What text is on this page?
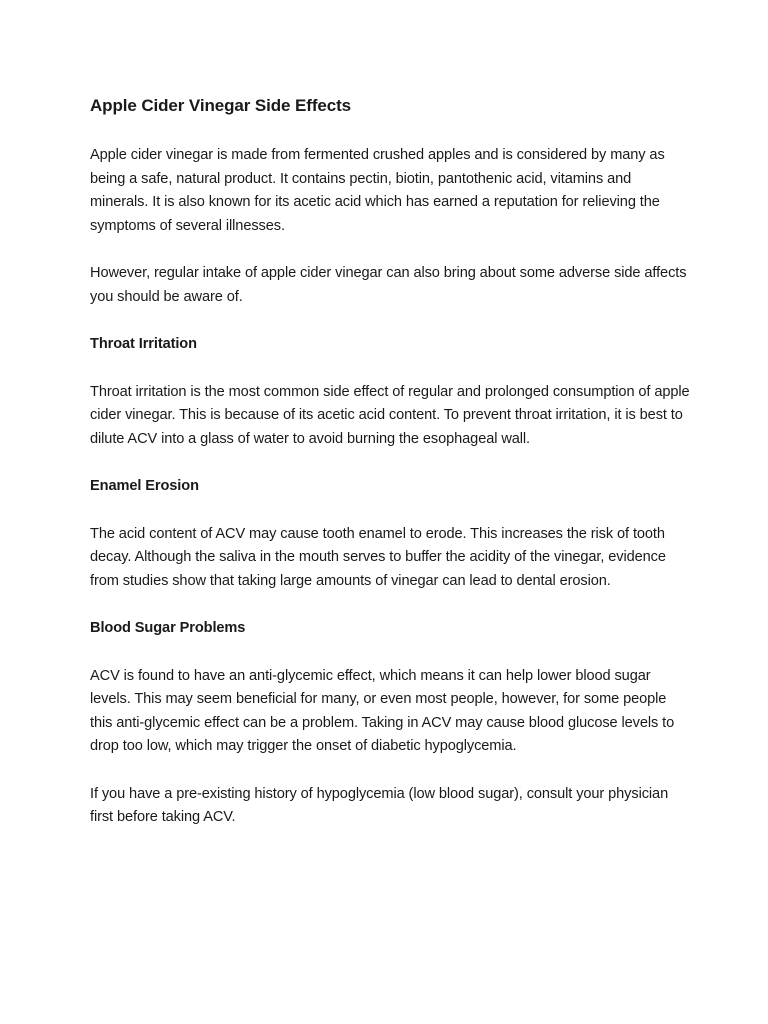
Apple Cider Vinegar Side Effects

Apple cider vinegar is made from fermented crushed apples and is considered by many as being a safe, natural product. It contains pectin, biotin, pantothenic acid, vitamins and minerals. It is also known for its acetic acid which has earned a reputation for relieving the symptoms of several illnesses.

However, regular intake of apple cider vinegar can also bring about some adverse side affects you should be aware of.

Throat Irritation

Throat irritation is the most common side effect of regular and prolonged consumption of apple cider vinegar. This is because of its acetic acid content. To prevent throat irritation, it is best to dilute ACV into a glass of water to avoid burning the esophageal wall.

Enamel Erosion

The acid content of ACV may cause tooth enamel to erode. This increases the risk of tooth decay. Although the saliva in the mouth serves to buffer the acidity of the vinegar, evidence from studies show that taking large amounts of vinegar can lead to dental erosion.

Blood Sugar Problems

ACV is found to have an anti-glycemic effect, which means it can help lower blood sugar levels. This may seem beneficial for many, or even most people, however, for some people this anti-glycemic effect can be a problem. Taking in ACV may cause blood glucose levels to drop too low, which may trigger the onset of diabetic hypoglycemia.

If you have a pre-existing history of hypoglycemia (low blood sugar), consult your physician first before taking ACV.
